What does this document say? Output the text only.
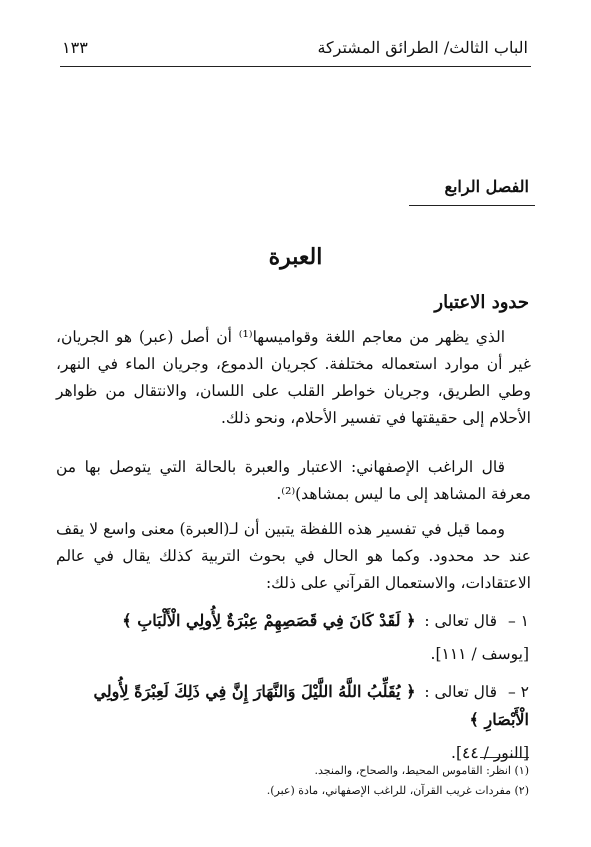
الباب الثالث/ الطرائق المشتركة
١٣٣
الفصل الرابع
العبرة
حدود الاعتبار

الذي يظهر من معاجم اللغة وقواميسها⁽¹⁾ أن أصل (عبر) هو الجريان، غير أن موارد استعماله مختلفة. كجريان الدموع، وجريان الماء في النهر، وطي الطريق، وجريان خواطر القلب على اللسان، والانتقال من ظواهر الأحلام إلى حقيقتها في تفسير الأحلام، ونحو ذلك.

قال الراغب الإصفهاني: الاعتبار والعبرة بالحالة التي يتوصل بها من معرفة المشاهد إلى ما ليس بمشاهد)⁽²⁾.

ومما قيل في تفسير هذه اللفظة يتبين أن لـ(العبرة) معنى واسع لا يقف عند حد محدود. وكما هو الحال في بحوث التربية كذلك يقال في عالم الاعتقادات، والاستعمال القرآني على ذلك:

١ – قال تعالى : ﴿ لَقَدْ كَانَ فِي قَصَصِهِمْ عِبْرَةٌ لِأُولِي الْأَلْبَابِ ﴾
[يوسف / ١١١].
٢ – قال تعالى : ﴿ يُقَلِّبُ اللَّهُ اللَّيْلَ وَالنَّهَارَ إِنَّ فِي ذَلِكَ لَعِبْرَةً لِأُولِي الْأَبْصَارِ ﴾
[النور / ٤٤].

(١) انظر: القاموس المحيط، والصحاح، والمنجد.

(٢) مفردات غريب القرآن، للراغب الإصفهاني، مادة (عبر).
